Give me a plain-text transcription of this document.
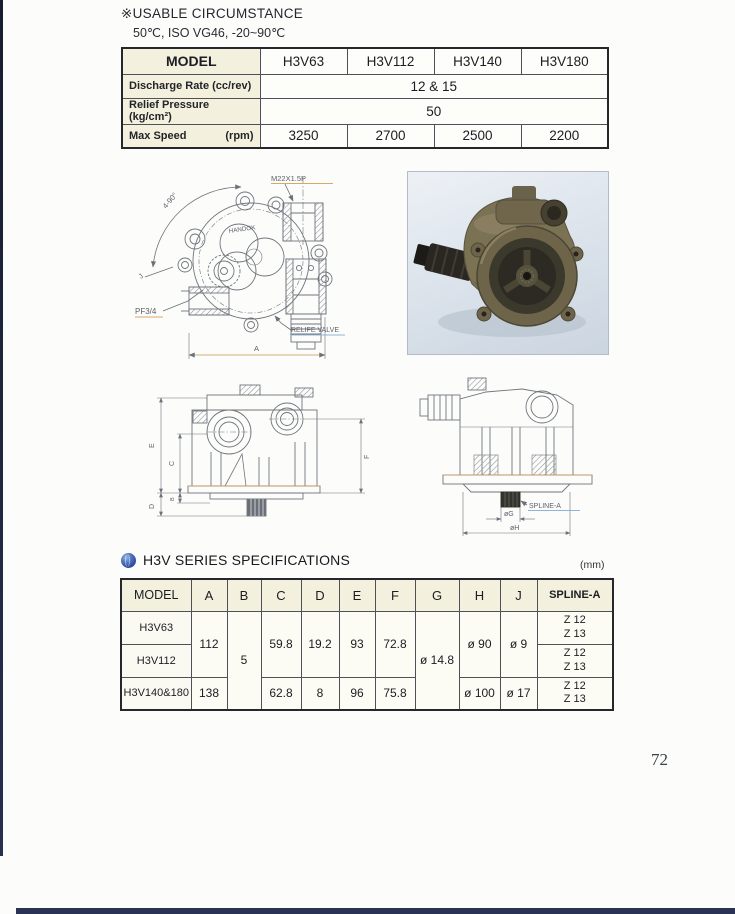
※USABLE CIRCUMSTANCE
50℃, ISO VG46, -20~90℃
MODEL	H3V63	H3V112	H3V140	H3V180
Discharge Rate (cc/rev)	12 & 15			
Relief Pressure (kg/cm²)	50			

Max Speed (rpm)	3250	2700	2500	2200
M22X1.5P
4-90°
HANDOK
PF3/4
RELIFE VALVE
J
A
E
C
D
B
F
SPLINE-A
øG
øH
H3V SERIES SPECIFICATIONS	(mm)
MODEL	A	B	C	D	E	F	G	H	J	SPLINE-A
H3V63	112	5	59.8	19.2	93	72.8	ø 14.8	ø 90	ø 9	Z 12
Z 13
H3V112										Z 12
Z 13
H3V140&180	138		62.8	8	96	75.8		ø 100	ø 17	Z 12
Z 13
72
